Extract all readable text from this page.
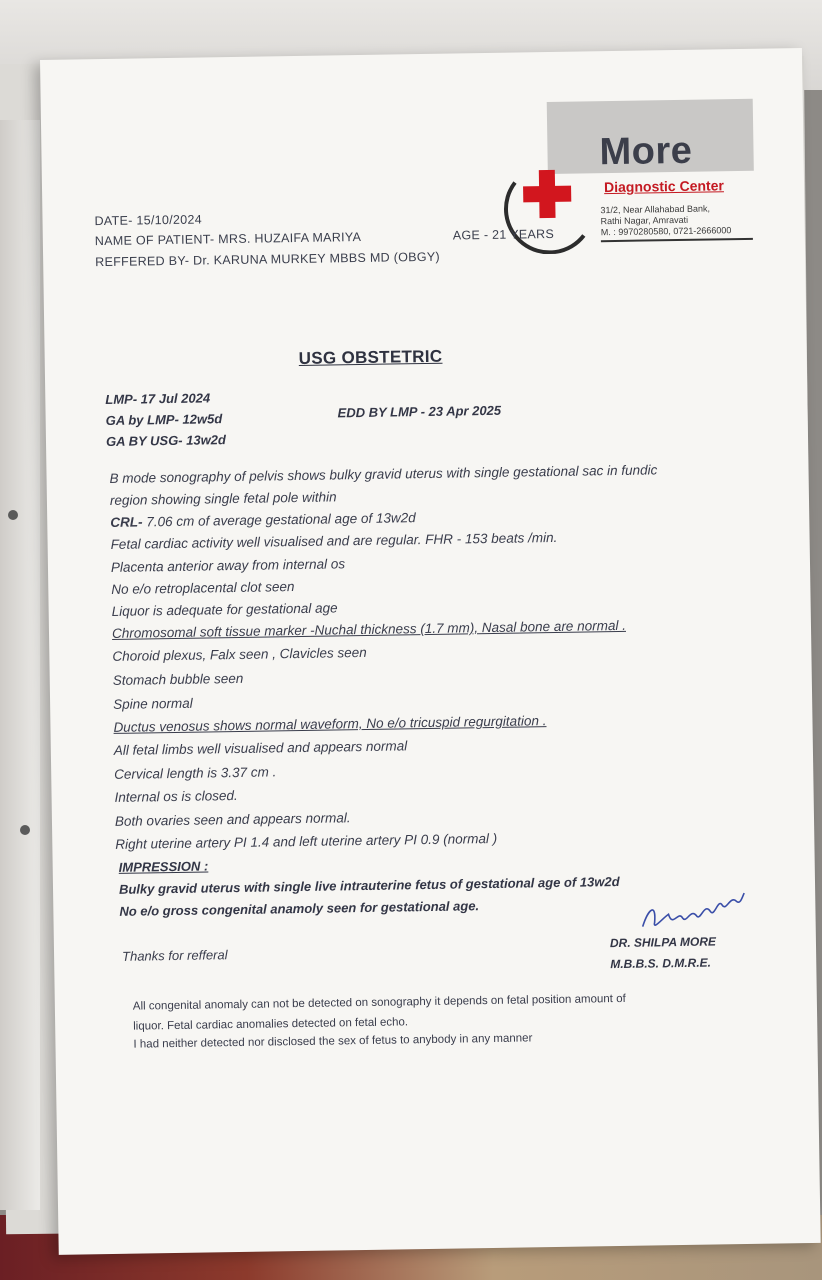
More
Diagnostic Center
31/2, Near Allahabad Bank,
Rathi Nagar, Amravati
M. : 9970280580, 0721-2666000
DATE- 15/10/2024
NAME OF PATIENT- MRS. HUZAIFA MARIYA	AGE - 21 YEARS
REFFERED BY- Dr. KARUNA MURKEY MBBS MD (OBGY)
USG OBSTETRIC
LMP- 17 Jul 2024
GA by LMP- 12w5d	EDD BY LMP - 23 Apr 2025
GA BY USG- 13w2d
B mode sonography of pelvis shows bulky gravid uterus with single gestational sac in fundic
region showing single fetal pole within
CRL- 7.06 cm of average gestational age of 13w2d
Fetal cardiac activity well visualised and are regular. FHR - 153 beats /min.
Placenta anterior away from internal os
No e/o retroplacental clot seen
Liquor is adequate for gestational age
Chromosomal soft tissue marker -Nuchal thickness (1.7 mm), Nasal bone are normal .
Choroid plexus, Falx seen , Clavicles seen
Stomach bubble seen
Spine normal
Ductus venosus shows normal waveform, No e/o tricuspid regurgitation .
All fetal limbs well visualised and appears normal
Cervical length is 3.37 cm .
Internal os is closed.
Both ovaries seen and appears normal.
Right uterine artery PI 1.4 and left uterine artery PI 0.9 (normal )
IMPRESSION :
Bulky gravid uterus with single live intrauterine fetus of gestational age of 13w2d
No e/o gross congenital anamoly seen for gestational age.
Thanks for refferal
DR. SHILPA MORE
M.B.B.S. D.M.R.E.
All congenital anomaly can not be detected on sonography it depends on fetal position amount of
liquor. Fetal cardiac anomalies detected on fetal echo.
I had neither detected nor disclosed the sex of fetus to anybody in any manner
